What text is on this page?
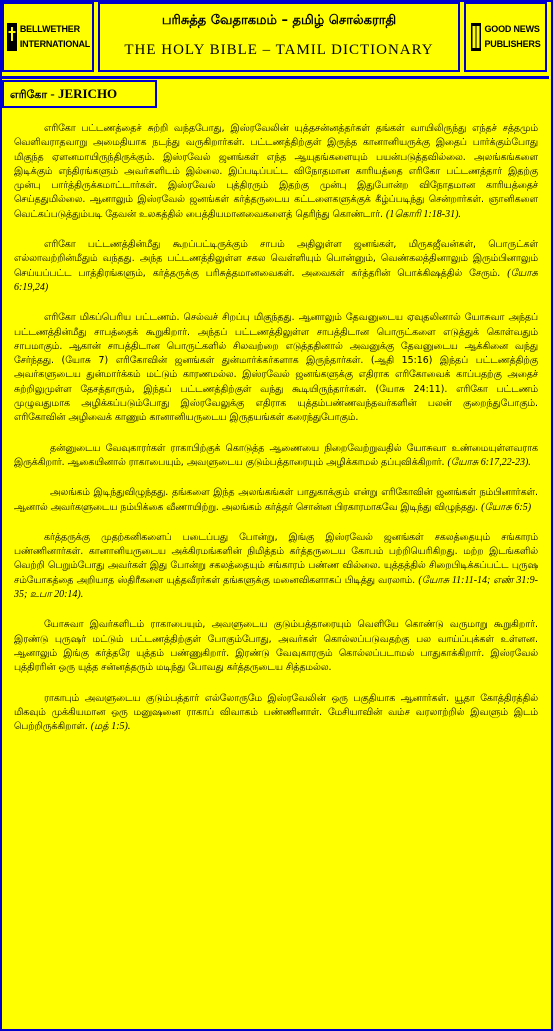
BELLWETHER
INTERNATIONAL
பரிசுத்த வேதாகமம் – தமிழ் சொல்கராதி
THE HOLY BIBLE – TAMIL DICTIONARY
GOOD NEWS
PUBLISHERS
எரிகோ - JERICHO

எரிகோ பட்டணத்தைச் சுற்றி வந்தபோது, இஸ்ரவேலின் யுத்தசன்னத்தர்கள் தங்கள் வாயிலிருந்து எந்தச் சத்தமும் வெளிவராதவாறு அமைதியாக நடந்து வருகிறார்கள். பட்டணத்திற்குள் இருந்த கானானியருக்கு இதைப் பார்க்கும்போது மிகுந்த ஏளனமாயிருந்திருக்கும். இஸ்ரவேல் ஜனங்கள் எந்த ஆயுதங்களையும் பயன்படுத்தவில்லை. அலங்கங்களை இடிக்கும் எந்திரங்களும் அவர்களிடம் இல்லை. இப்படிப்பட்ட விநோதமான காரியத்தை எரிகோ பட்டணத்தார் இதற்கு முன்பு பார்த்திருக்கமாட்டார்கள். இஸ்ரவேல் புத்திரரும் இதற்கு முன்பு இதுபோன்ற விநோதமான காரியத்தைச் செய்ததுமில்லை. ஆனாலும் இஸ்ரவேல் ஜனங்கள் கர்த்தருடைய கட்டளைகளுக்குக் கீழ்ப்படிந்து சென்றார்கள். ஞானிகளை வெட்கப்படுத்தும்படி தேவன் உலகத்தில் பைத்தியமானவைகளைத் தெரிந்து கொண்டார். (1கொரி 1:18-31).

எரிகோ பட்டணத்தின்மீது கூறப்பட்டிருக்கும் சாபம் அதிலுள்ள ஜனங்கள், மிருகஜீவன்கள், பொருட்கள் எல்லாவற்றின்மீதும் வந்தது. அந்த பட்டணத்திலுள்ள சகல வெள்ளியும் பொன்னும், வெண்கலத்தினாலும் இரும்பினாலும் செய்யப்பட்ட பாத்திரங்களும், கர்த்தருக்கு பரிசுத்தமானவைகள். அவைகள் கர்த்தரின் பொக்கிஷத்தில் சேரும். (யோசு 6:19,24)

எரிகோ மிகப்பெரிய பட்டணம். செல்வச் சிறப்பு மிகுந்தது. ஆனாலும் தேவனுடைய ஏவுதலினால் யோசுவா அந்தப் பட்டணத்தின்மீது சாபத்தைக் கூறுகிறார். அந்தப் பட்டணத்திலுள்ள சாபத்திடான பொருட்களை எடுத்துக் கொள்வதும் சாபமாகும். ஆகான் சாபத்திடான பொருட்களில் சிலவற்றை எடுத்ததினால் அவனுக்கு தேவனுடைய ஆக்கினை வந்து சேர்ந்தது. (யோசு 7) எரிகோவின் ஜனங்கள் துன்மார்க்கர்களாக இருந்தார்கள். (ஆதி 15:16) இந்தப் பட்டணத்திற்கு அவர்களுடைய துன்மார்க்கம் மட்டும் காரணமல்ல. இஸ்ரவேல் ஜனங்களுக்கு எதிராக எரிகோவைக் காப்பதற்கு அதைச் சுற்றிலுமுள்ள தேசத்தாரும், இந்தப் பட்டணத்திற்குள் வந்து கூடியிருந்தார்கள். (யோசு 24:11). எரிகோ பட்டணம் முழுவதுமாக அழிக்கப்படும்போது இஸ்ரவேலுக்கு எதிராக யுத்தம்பண்ணவந்தவர்களின் பலன் குறைந்துபோகும். எரிகோவின் அழிவைக் காணும் கானானியருடைய இருதயங்கள் கரைந்துபோகும்.

தன்னுடைய வேவுகாரர்கள் ராகாபிற்குக் கொடுத்த ஆணையை நிறைவேற்றுவதில் யோசுவா உண்மையுள்ளவராக இருக்கிறார். ஆகையினால் ராகாபையும், அவளுடைய குடும்பத்தாரையும் அழிக்காமல் தப்புவிக்கிறார். (யோசு 6:17,22-23).

அலங்கம் இடிந்துவிழுந்தது. தங்களை இந்த அலங்கங்கள் பாதுகாக்கும் என்று எரிகோவின் ஜனங்கள் நம்பினார்கள். ஆனால் அவர்களுடைய நம்பிக்கை வீணாயிற்று. அலங்கம் கர்த்தர் சொன்ன பிரகாரமாகவே இடிந்து விழுந்தது. (யோசு 6:5)

கர்த்தருக்கு முதற்கனிகளைப் படைப்பது போன்று, இங்கு இஸ்ரவேல் ஜனங்கள் சகலத்தையும் சங்காரம் பண்ணினார்கள். கானானியருடைய அக்கிரமங்களின் நிமித்தம் கர்த்தருடைய கோபம் பற்றியெரிகிறது. மற்ற இடங்களில் வெற்றி பெறும்போது அவர்கள் இது போன்று சகலத்தையும் சங்காரம் பண்ண வில்லை. யுத்தத்தில் சிறைபிடிக்கப்பட்ட புருஷ சம்யோகத்தை அறியாத ஸ்திரீகளை யுத்தவீரர்கள் தங்களுக்கு மனைவிகளாகப் பிடித்து வரலாம். (யோசு 11:11-14; எண் 31:9-35; உபா 20:14).

யோசுவா இவர்களிடம் ராகாபையும், அவளுடைய குடும்பத்தாரையும் வெளியே கொண்டு வருமாறு கூறுகிறார். இரண்டு புருஷர் மட்டும் பட்டணத்திற்குள் போகும்போது, அவர்கள் கொல்லப்படுவதற்கு பல வாய்ப்புக்கள் உள்ளன. ஆனாலும் இங்கு கர்த்தரே யுத்தம் பண்ணுகிறார். இரண்டு வேவுகாரரும் கொல்லப்படாமல் பாதுகாக்கிறார். இஸ்ரவேல் புத்திரரின் ஒரு யுத்த சன்னத்தரும் மடிந்து போவது கர்த்தருடைய சித்தமல்ல.

ராகாபும் அவளுடைய குடும்பத்தார் எல்லோருமே இஸ்ரவேலின் ஒரு பகுதியாக ஆனார்கள். யூதா கோத்திரத்தில் மிகவும் முக்கியமான ஒரு மனுஷனை ராகாப் விவாகம் பண்ணினாள். மேசியாவின் வம்ச வரலாற்றில் இவளும் இடம் பெற்றிருக்கிறாள். (மத் 1:5).
